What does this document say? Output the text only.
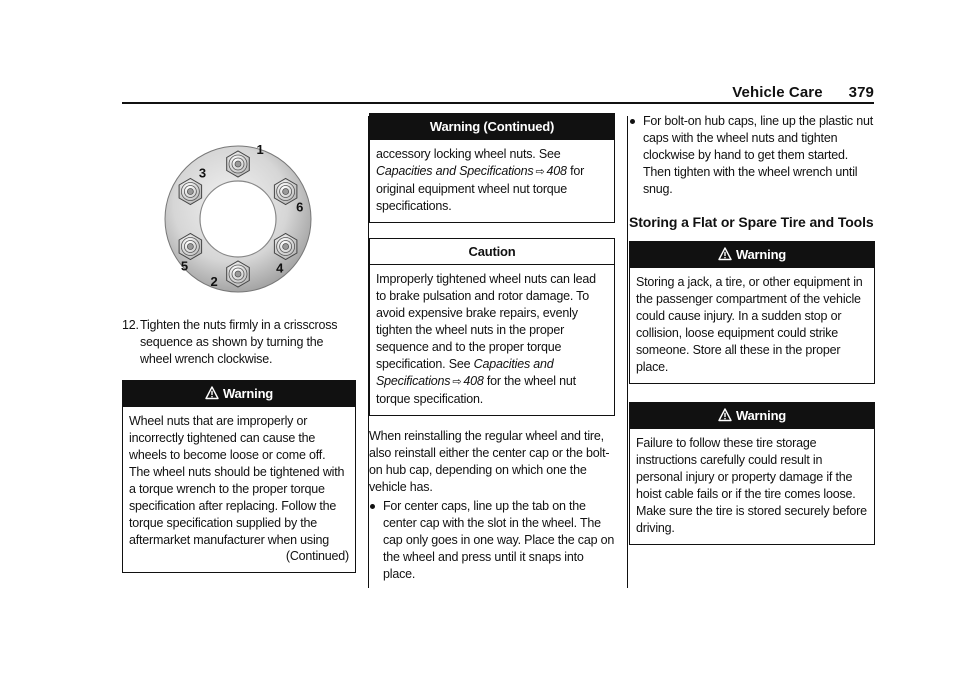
Vehicle Care 379
1
2
3
4
5
6
12. Tighten the nuts firmly in a crisscross sequence as shown by turning the wheel wrench clockwise.
Warning
Wheel nuts that are improperly or incorrectly tightened can cause the wheels to become loose or come off. The wheel nuts should be tightened with a torque wrench to the proper torque specification after replacing. Follow the torque specification supplied by the aftermarket manufacturer when using
(Continued)
Warning (Continued)
accessory locking wheel nuts. See Capacities and Specifications ⇨ 408 for original equipment wheel nut torque specifications.
Caution
Improperly tightened wheel nuts can lead to brake pulsation and rotor damage. To avoid expensive brake repairs, evenly tighten the wheel nuts in the proper sequence and to the proper torque specification. See Capacities and Specifications ⇨ 408 for the wheel nut torque specification.
When reinstalling the regular wheel and tire, also reinstall either the center cap or the bolt-on hub cap, depending on which one the vehicle has.
For center caps, line up the tab on the center cap with the slot in the wheel. The cap only goes in one way. Place the cap on the wheel and press until it snaps into place.
For bolt-on hub caps, line up the plastic nut caps with the wheel nuts and tighten clockwise by hand to get them started. Then tighten with the wheel wrench until snug.
Storing a Flat or Spare Tire and Tools
Warning
Storing a jack, a tire, or other equipment in the passenger compartment of the vehicle could cause injury. In a sudden stop or collision, loose equipment could strike someone. Store all these in the proper place.
Warning
Failure to follow these tire storage instructions carefully could result in personal injury or property damage if the hoist cable fails or if the tire comes loose. Make sure the tire is stored securely before driving.
